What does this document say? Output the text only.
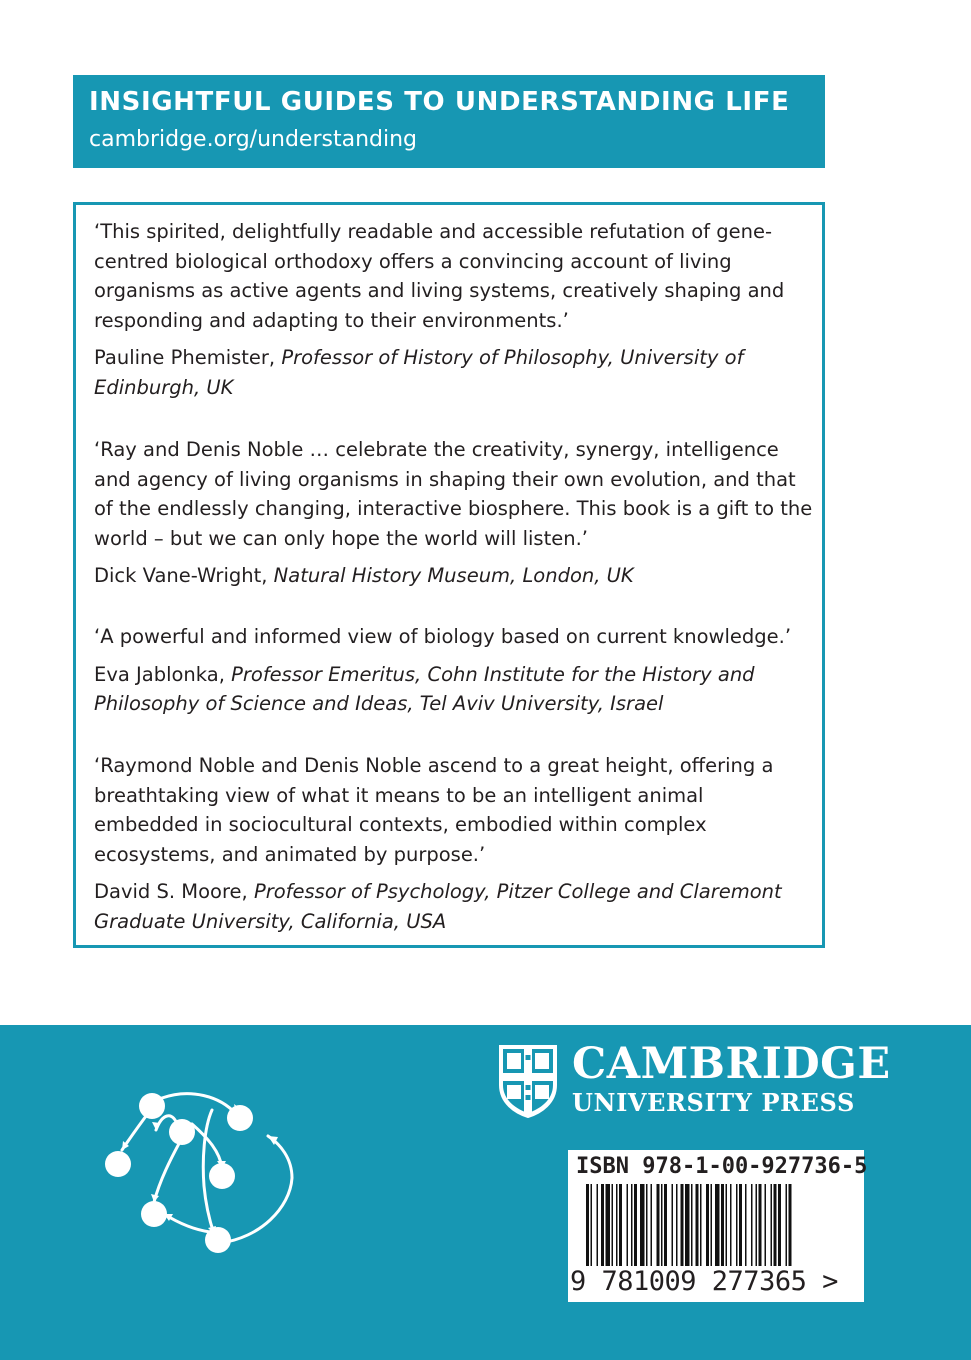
INSIGHTFUL GUIDES TO UNDERSTANDING LIFE
cambridge.org/understanding

‘This spirited, delightfully readable and accessible refutation of gene-centred biological orthodoxy offers a convincing account of living organisms as active agents and living systems, creatively shaping and responding and adapting to their environments.’

Pauline Phemister, Professor of History of Philosophy, University of Edinburgh, UK

‘Ray and Denis Noble … celebrate the creativity, synergy, intelligence and agency of living organisms in shaping their own evolution, and that of the endlessly changing, interactive biosphere. This book is a gift to the world – but we can only hope the world will listen.’

Dick Vane-Wright, Natural History Museum, London, UK

‘A powerful and informed view of biology based on current knowledge.’

Eva Jablonka, Professor Emeritus, Cohn Institute for the History and Philosophy of Science and Ideas, Tel Aviv University, Israel

‘Raymond Noble and Denis Noble ascend to a great height, offering a breathtaking view of what it means to be an intelligent animal embedded in sociocultural contexts, embodied within complex ecosystems, and animated by purpose.’

David S. Moore, Professor of Psychology, Pitzer College and Claremont Graduate University, California, USA

CAMBRIDGE
UNIVERSITY PRESS
ISBN 978-1-00-927736-5
9 781009 277365 >
